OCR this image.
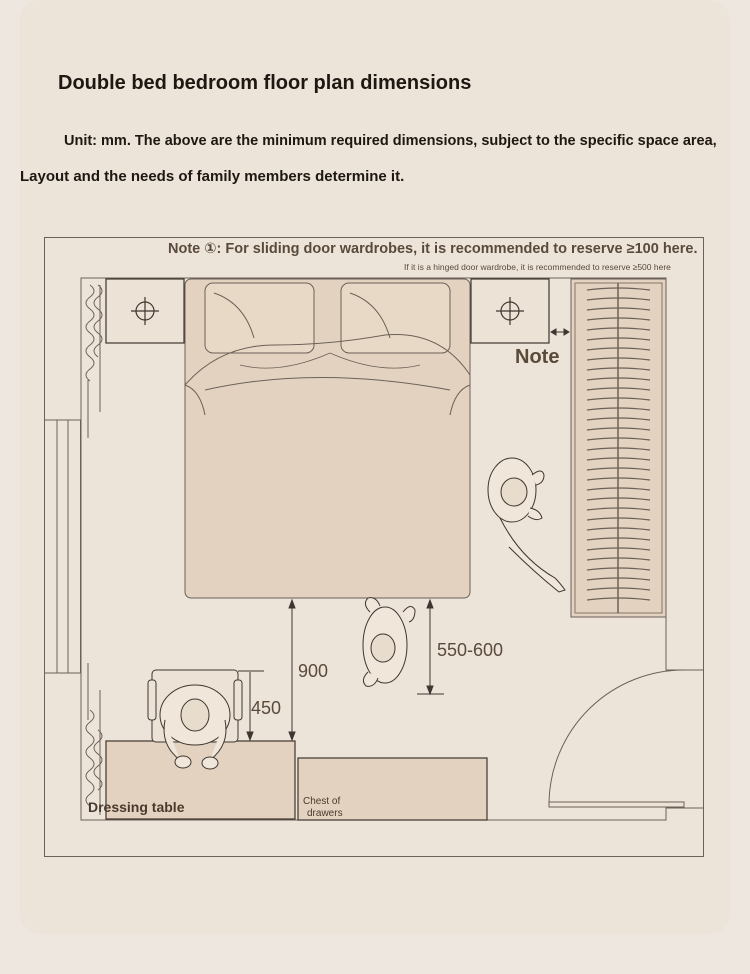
Double bed bedroom floor plan dimensions
Unit: mm. The above are the minimum required dimensions, subject to the specific space area,
Layout and the needs of family members determine it.
Note ①: For sliding door wardrobes, it is recommended to reserve ≥100 here.
If it is a hinged door wardrobe, it is recommended to reserve ≥500 here
Note
900
550-600
450
Dressing table	Chest of
drawers
